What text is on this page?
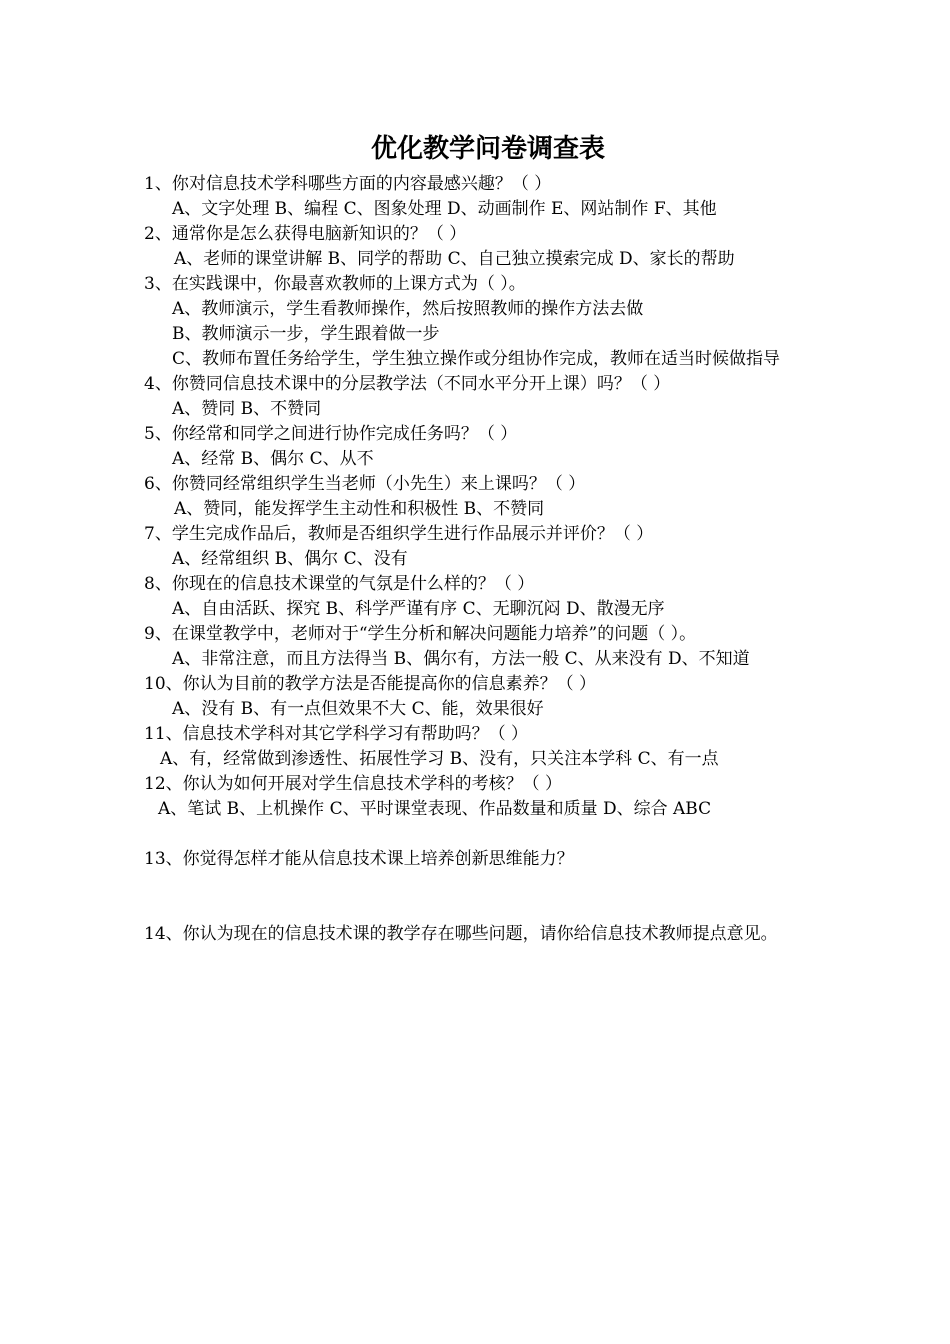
优化教学问卷调查表
1、你对信息技术学科哪些方面的内容最感兴趣？（ ）
A、文字处理 B、编程 C、图象处理 D、动画制作 E、网站制作 F、其他
2、通常你是怎么获得电脑新知识的？（ ）
A、老师的课堂讲解 B、同学的帮助 C、自己独立摸索完成 D、家长的帮助
3、在实践课中，你最喜欢教师的上课方式为（ ）。
A、教师演示，学生看教师操作，然后按照教师的操作方法去做
B、教师演示一步，学生跟着做一步
C、教师布置任务给学生，学生独立操作或分组协作完成，教师在适当时候做指导
4、你赞同信息技术课中的分层教学法（不同水平分开上课）吗？（ ）
A、赞同 B、不赞同
5、你经常和同学之间进行协作完成任务吗？（ ）
A、经常 B、偶尔 C、从不
6、你赞同经常组织学生当老师（小先生）来上课吗？（ ）
A、赞同，能发挥学生主动性和积极性 B、不赞同
7、学生完成作品后，教师是否组织学生进行作品展示并评价？（ ）
A、经常组织 B、偶尔 C、没有
8、你现在的信息技术课堂的气氛是什么样的？（ ）
A、自由活跃、探究 B、科学严谨有序 C、无聊沉闷 D、散漫无序
9、在课堂教学中，老师对于“学生分析和解决问题能力培养”的问题（ ）。
A、非常注意，而且方法得当 B、偶尔有，方法一般 C、从来没有 D、不知道
10、你认为目前的教学方法是否能提高你的信息素养？（ ）
A、没有 B、有一点但效果不大 C、能，效果很好
11、信息技术学科对其它学科学习有帮助吗？（ ）
A、有，经常做到渗透性、拓展性学习 B、没有，只关注本学科 C、有一点
12、你认为如何开展对学生信息技术学科的考核？（ ）
A、笔试 B、上机操作 C、平时课堂表现、作品数量和质量 D、综合 ABC
13、你觉得怎样才能从信息技术课上培养创新思维能力？
14、你认为现在的信息技术课的教学存在哪些问题，请你给信息技术教师提点意见。
